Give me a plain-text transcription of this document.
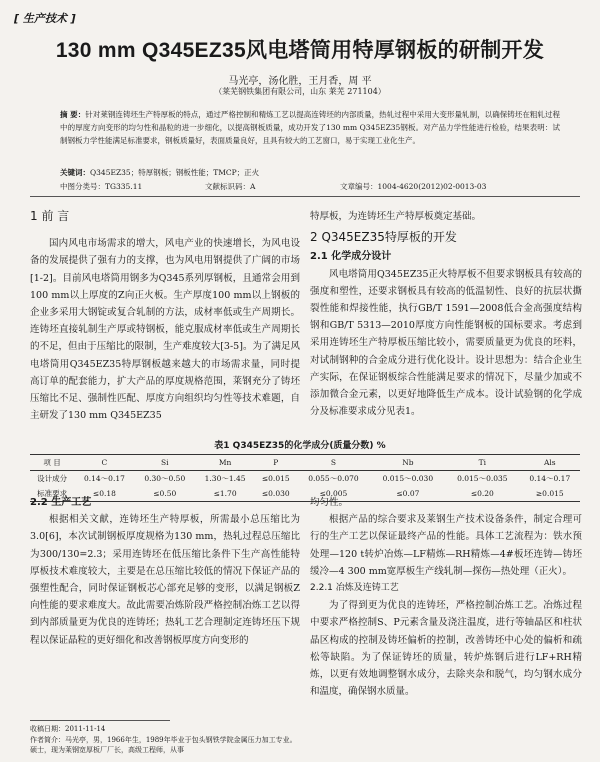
[ 生产技术 ]
130 mm Q345EZ35风电塔筒用特厚钢板的研制开发
马光亭，汤化胜，王月香，周 平
（莱芜钢铁集团有限公司，山东 莱芜 271104）
摘 要：针对莱钢连铸坯生产特厚板的特点，通过严格控制和精炼工艺以提高连铸坯的内部质量，热轧过程中采用大变形量轧制，以确保铸坯在粗轧过程中的厚度方向变形的均匀性和晶粒的进一步细化，以提高钢板质量，成功开发了130 mm Q345EZ35钢板。对产品力学性能进行检验，结果表明：试制钢板力学性能满足标准要求，钢板质量好，表面质量良好，且具有较大的工艺窗口，易于实现工业化生产。
关键词：Q345EZ35；特厚钢板；钢板性能；TMCP；正火
中图分类号：TG335.11	文献标识码：A	文章编号：1004-4620(2012)02-0013-03
1 前 言

国内风电市场需求的增大，风电产业的快速增长，为风电设备的发展提供了强有力的支撑，也为风电用钢提供了广阔的市场[1-2]。目前风电塔筒用钢多为Q345系列厚钢板，且通常会用到100 mm以上厚度的Z向正火板。生产厚度100 mm以上钢板的企业多采用大钢锭或复合轧制的方法，成材率低或生产周期长。连铸坯直接轧制生产厚或特钢板，能克服成材率低或生产周期长的不足，但由于压缩比的限制，生产难度较大[3-5]。为了满足风电塔筒用Q345EZ35特厚钢板越来越大的市场需求量，同时提高订单的配套能力，扩大产品的厚度规格范围，莱钢充分了铸坯压缩比不足、强制性匹配、厚度方向组织均匀性等技术难题，自主研发了130 mm Q345EZ35

特厚板，为连铸坯生产特厚板奠定基础。
2 Q345EZ35特厚板的开发
2.1 化学成分设计

风电塔筒用Q345EZ35正火特厚板不但要求钢板具有较高的强度和塑性，还要求钢板具有较高的低温韧性、良好的抗层状撕裂性能和焊接性能，执行GB/T 1591—2008低合金高强度结构钢和GB/T 5313—2010厚度方向性能钢板的国标要求。考虑到采用连铸坯生产特厚板压缩比较小，需要质量更为优良的坯料，对试制钢种的合金成分进行优化设计。设计思想为：结合企业生产实际，在保证钢板综合性能满足要求的情况下，尽量少加或不添加微合金元素，以更好地降低生产成本。设计试验钢的化学成分及标准要求成分见表1。

表1 Q345EZ35的化学成分(质量分数) %
项 目	C	Si	Mn	P	S	Nb	Ti	Als
设计成分	0.14～0.17	0.30～0.50	1.30～1.45	≤0.015	0.055～0.070	0.015～0.030	0.015～0.035	0.14～0.17
标准要求	≤0.18	≤0.50	≤1.70	≤0.030	≤0.005	≤0.07	≤0.20	≥0.015
2.2 生产工艺

根据相关文献，连铸坯生产特厚板，所需最小总压缩比为3.0[6]，本次试制钢板厚度规格为130 mm，热轧过程总压缩比为300/130=2.3；采用连铸坯在低压缩比条件下生产高性能特厚板技术难度较大，主要是在总压缩比较低的情况下保证产品的强塑性配合，同时保证钢板芯心部充足够的变形，以满足钢板Z向性能的要求难度大。故此需要冶炼阶段严格控制冶炼工艺以得到内部质量更为优良的连铸坯；热轧工艺合理制定连铸坯压下规程以保证晶粒的更好细化和改善钢板厚度方向变形的

均匀性。

根据产品的综合要求及莱钢生产技术设备条件，制定合理可行的生产工艺以保证最终产品的性能。具体工艺流程为：铁水预处理—120 t转炉冶炼—LF精炼—RH精炼—4#板坯连铸—铸坯缓冷—4 300 mm宽厚板生产线轧制—探伤—热处理（正火）。

2.2.1 冶炼及连铸工艺

为了得到更为优良的连铸坯，严格控制冶炼工艺。冶炼过程中要求严格控制S、P元素含量及浇注温度，进行等轴晶区和柱状晶区构成的控制及铸坯偏析的控制，改善铸坯中心处的偏析和疏松等缺陷。为了保证铸坯的质量，转炉炼钢后进行LF+RH精炼，以更有效地调整钢水成分，去除夹杂和脱气，均匀钢水成分和温度，确保钢水质量。

收稿日期：2011-11-14
作者简介：马光亭，男，1966年生，1989年毕业于包头钢铁学院金属压力加工专业。硕士，现为莱钢宽厚板厂厂长，高级工程师，从事
